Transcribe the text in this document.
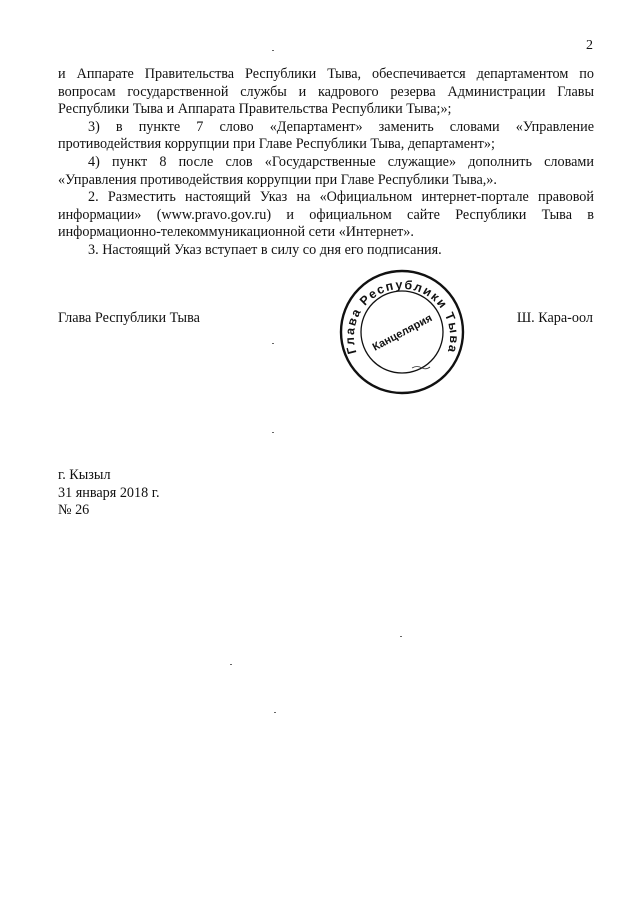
2

и Аппарате Правительства Республики Тыва, обеспечивается департаментом по вопросам государственной службы и кадрового резерва Администрации Главы Республики Тыва и Аппарата Правительства Республики Тыва;»;

3) в пункте 7 слово «Департамент» заменить словами «Управление противодействия коррупции при Главе Республики Тыва, департамент»;

4) пункт 8 после слов «Государственные служащие» дополнить словами «Управления противодействия коррупции при Главе Республики Тыва,».

2. Разместить настоящий Указ на «Официальном интернет-портале правовой информации» (www.pravo.gov.ru) и официальном сайте Республики Тыва в информационно-телекоммуникационной сети «Интернет».

3. Настоящий Указ вступает в силу со дня его подписания.

Глава Республики Тыва	Ш. Кара-оол
Глава Республики Тыва
Канцелярия
г. Кызыл
31 января 2018 г.
№ 26
